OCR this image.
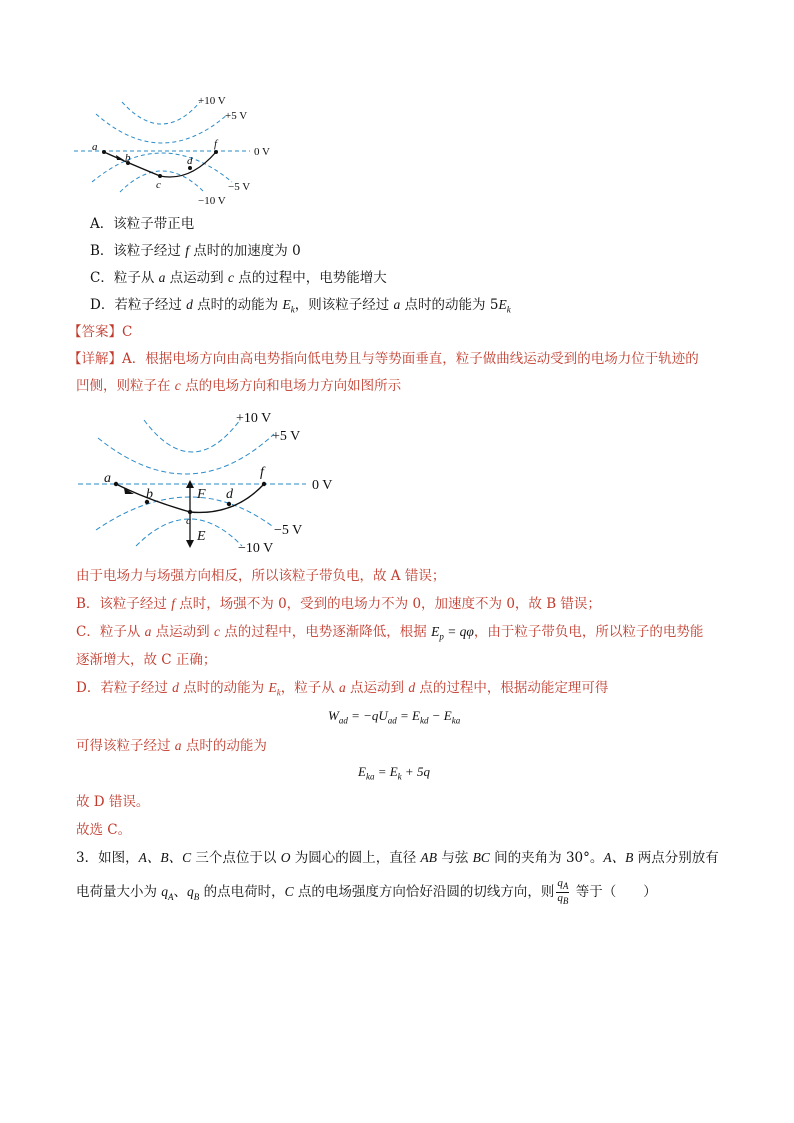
a
b
c
d
f
+10 V
+5 V
0 V
−5 V
−10 V
A．该粒子带正电
B．该粒子经过 f 点时的加速度为 0
C．粒子从 a 点运动到 c 点的过程中，电势能增大
D．若粒子经过 d 点时的动能为 $E_k$，则该粒子经过 a 点时的动能为 $5E_k$
【答案】C
【详解】A．根据电场方向由高电势指向低电势且与等势面垂直，粒子做曲线运动受到的电场力位于轨迹的
凹侧，则粒子在 c 点的电场方向和电场力方向如图所示
a
b
c
d
f
F
E
+10 V
+5 V
0 V
−5 V
−10 V
由于电场力与场强方向相反，所以该粒子带负电，故 A 错误；
B．该粒子经过 f 点时，场强不为 0，受到的电场力不为 0，加速度不为 0，故 B 错误；
C．粒子从 a 点运动到 c 点的过程中，电势逐渐降低，根据 $E_p = q\varphi$，由于粒子带负电，所以粒子的电势能
逐渐增大，故 C 正确；
D．若粒子经过 d 点时的动能为 $E_k$，粒子从 a 点运动到 d 点的过程中，根据动能定理可得
$W_{ad} = -qU_{ad} = E_{kd} - E_{ka}$
可得该粒子经过 a 点时的动能为
$E_{ka} = E_k + 5q$
故 D 错误。
故选 C。
3．如图，A、B、C 三个点位于以 O 为圆心的圆上，直径 AB 与弦 BC 间的夹角为 30°。A、B 两点分别放有
电荷量大小为 $q_A$、$q_B$ 的点电荷时，C 点的电场强度方向恰好沿圆的切线方向，则 $\frac{q_A}{q_B}$ 等于（　　）
